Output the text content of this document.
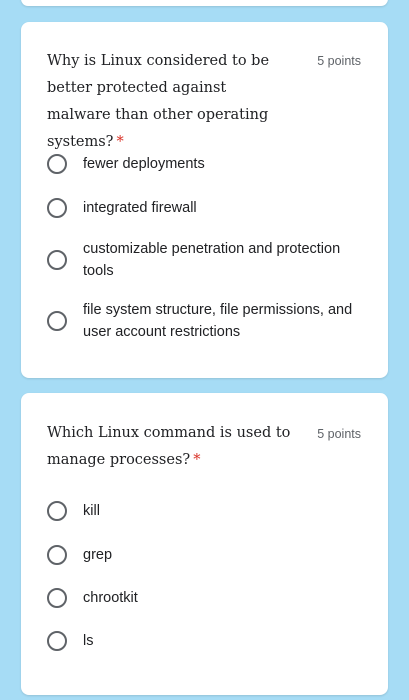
Why is Linux considered to be better protected against malware than other operating systems? *
5 points
fewer deployments
integrated firewall
customizable penetration and protection tools
file system structure, file permissions, and user account restrictions
Which Linux command is used to manage processes? *
5 points
kill
grep
chrootkit
ls
